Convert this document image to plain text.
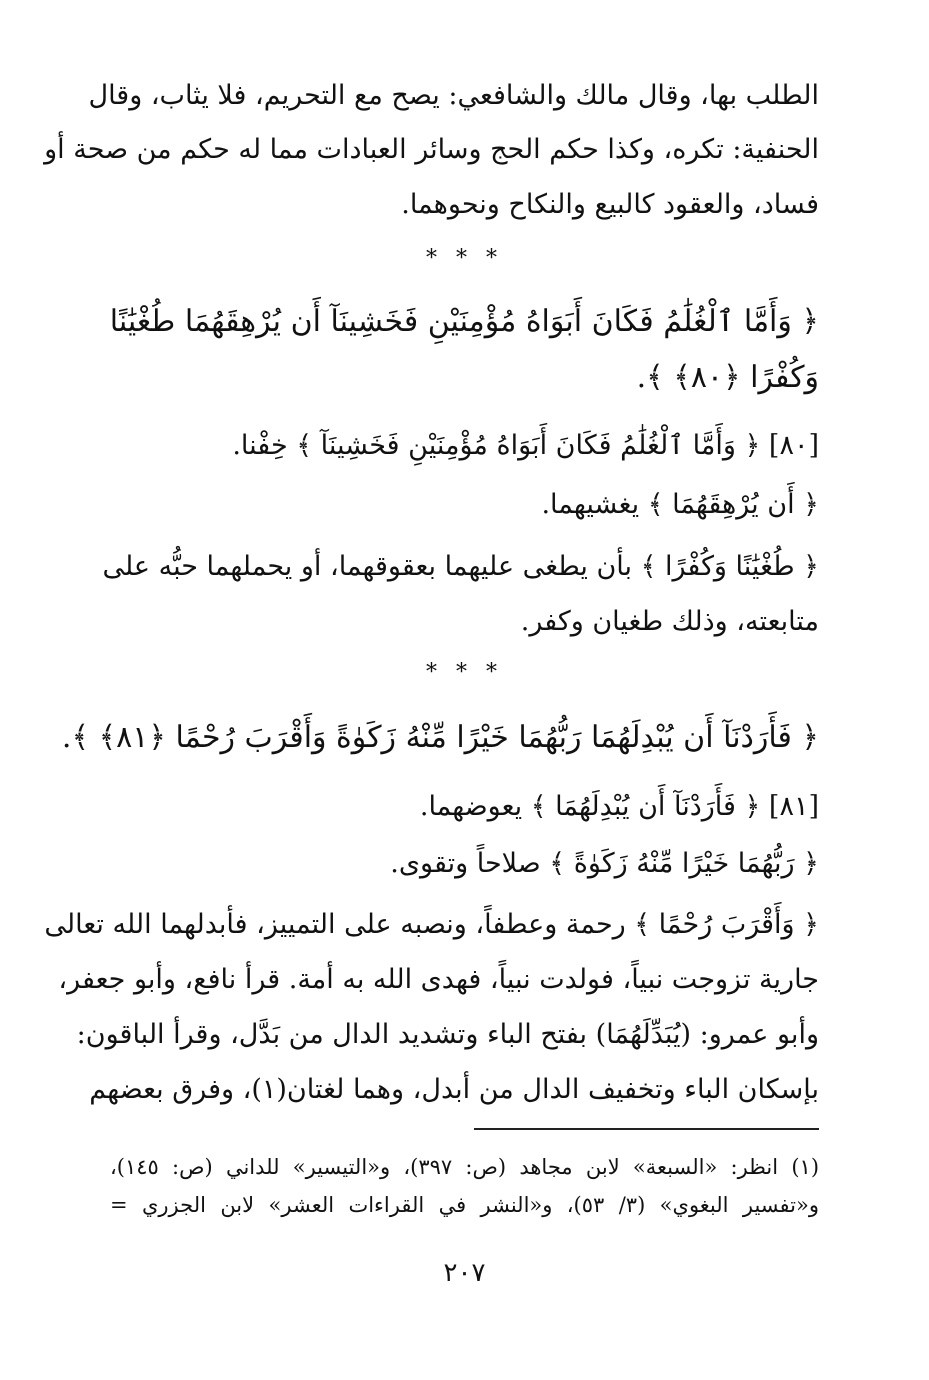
الطلب بها، وقال مالك والشافعي: يصح مع التحريم، فلا يثاب، وقال
الحنفية: تكره، وكذا حكم الحج وسائر العبادات مما له حكم من صحة أو
فساد، والعقود كالبيع والنكاح ونحوهما.
* * *
﴿ وَأَمَّا ٱلْغُلَٰمُ فَكَانَ أَبَوَاهُ مُؤْمِنَيْنِ فَخَشِينَآ أَن يُرْهِقَهُمَا طُغْيَٰنًا
وَكُفْرًا ﴿٨٠﴾ ﴾.
[٨٠] ﴿ وَأَمَّا ٱلْغُلَٰمُ فَكَانَ أَبَوَاهُ مُؤْمِنَيْنِ فَخَشِينَآ ﴾ خِفْنا.
﴿ أَن يُرْهِقَهُمَا ﴾ يغشيهما.
﴿ طُغْيَٰنًا وَكُفْرًا ﴾ بأن يطغى عليهما بعقوقهما، أو يحملهما حبُّه على
متابعته، وذلك طغيان وكفر.
* * *
﴿ فَأَرَدْنَآ أَن يُبْدِلَهُمَا رَبُّهُمَا خَيْرًا مِّنْهُ زَكَوٰةً وَأَقْرَبَ رُحْمًا ﴿٨١﴾ ﴾.
[٨١] ﴿ فَأَرَدْنَآ أَن يُبْدِلَهُمَا ﴾ يعوضهما.
﴿ رَبُّهُمَا خَيْرًا مِّنْهُ زَكَوٰةً ﴾ صلاحاً وتقوى.
﴿ وَأَقْرَبَ رُحْمًا ﴾ رحمة وعطفاً، ونصبه على التمييز، فأبدلهما الله تعالى
جارية تزوجت نبياً، فولدت نبياً، فهدى الله به أمة. قرأ نافع، وأبو جعفر،
وأبو عمرو: (يُبَدِّلَهُمَا) بفتح الباء وتشديد الدال من بَدَّل، وقرأ الباقون:
بإسكان الباء وتخفيف الدال من أبدل، وهما لغتان(١)، وفرق بعضهم
(١) انظر: «السبعة» لابن مجاهد (ص: ٣٩٧)، و«التيسير» للداني (ص: ١٤٥)،
و«تفسير البغوي» (٣/ ٥٣)، و«النشر في القراءات العشر» لابن الجزري =
٢٠٧
